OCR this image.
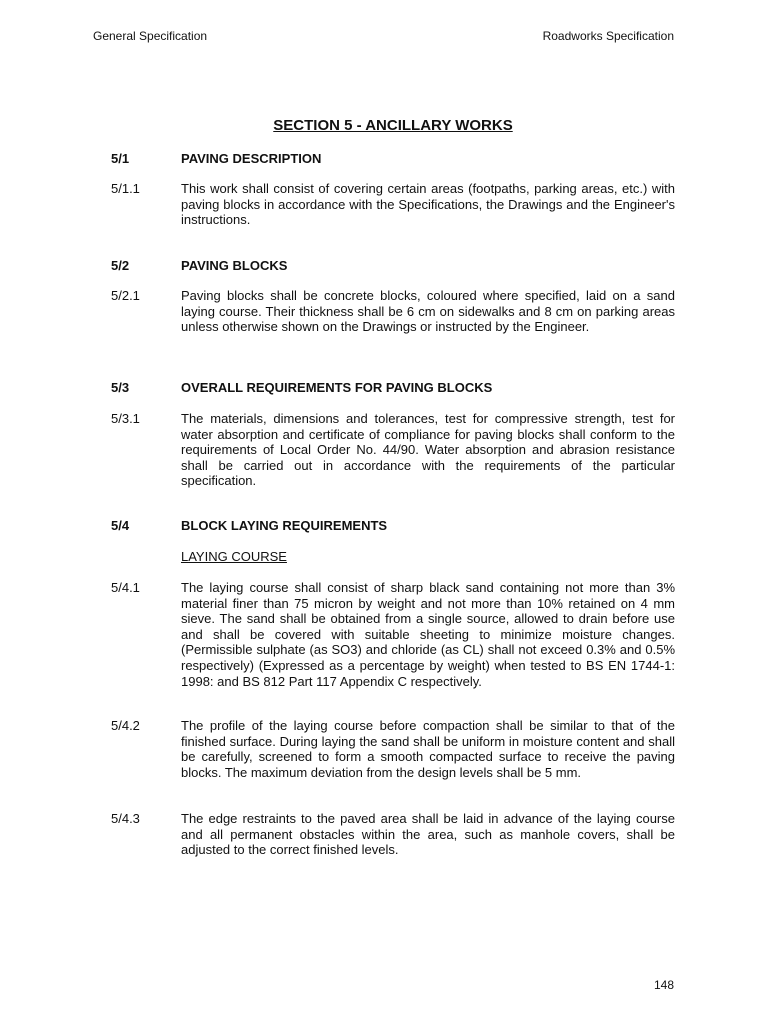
General Specification	Roadworks Specification
SECTION 5 - ANCILLARY WORKS
5/1	PAVING DESCRIPTION
5/1.1	This work shall consist of covering certain areas (footpaths, parking areas, etc.) with paving blocks in accordance with the Specifications, the Drawings and the Engineer's instructions.
5/2	PAVING BLOCKS
5/2.1	Paving blocks shall be concrete blocks, coloured where specified, laid on a sand laying course. Their thickness shall be 6 cm on sidewalks and 8 cm on parking areas unless otherwise shown on the Drawings or instructed by the Engineer.
5/3	OVERALL REQUIREMENTS FOR PAVING BLOCKS
5/3.1	The materials, dimensions and tolerances, test for compressive strength, test for water absorption and certificate of compliance for paving blocks shall conform to the requirements of Local Order No. 44/90. Water absorption and abrasion resistance shall be carried out in accordance with the requirements of the particular specification.
5/4	BLOCK LAYING REQUIREMENTS
LAYING COURSE
5/4.1	The laying course shall consist of sharp black sand containing not more than 3% material finer than 75 micron by weight and not more than 10% retained on 4 mm sieve. The sand shall be obtained from a single source, allowed to drain before use and shall be covered with suitable sheeting to minimize moisture changes. (Permissible sulphate (as SO3) and chloride (as CL) shall not exceed 0.3% and 0.5% respectively) (Expressed as a percentage by weight) when tested to BS EN 1744-1: 1998: and BS 812 Part 117 Appendix C respectively.
5/4.2	The profile of the laying course before compaction shall be similar to that of the finished surface. During laying the sand shall be uniform in moisture content and shall be carefully, screened to form a smooth compacted surface to receive the paving blocks. The maximum deviation from the design levels shall be 5 mm.
5/4.3	The edge restraints to the paved area shall be laid in advance of the laying course and all permanent obstacles within the area, such as manhole covers, shall be adjusted to the correct finished levels.
148
